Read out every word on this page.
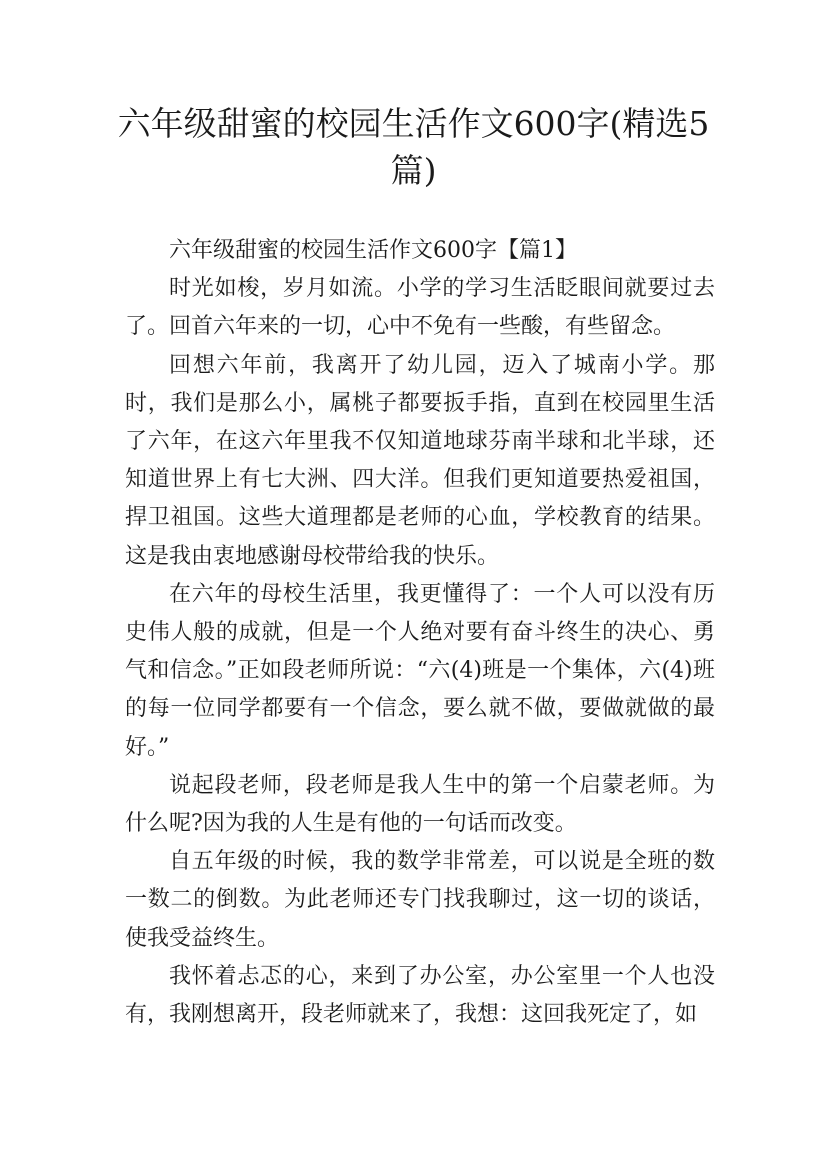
六年级甜蜜的校园生活作文600字(精选5篇)

六年级甜蜜的校园生活作文600字【篇1】

时光如梭，岁月如流。小学的学习生活眨眼间就要过去了。回首六年来的一切，心中不免有一些酸，有些留念。

回想六年前，我离开了幼儿园，迈入了城南小学。那时，我们是那么小，属桃子都要扳手指，直到在校园里生活了六年，在这六年里我不仅知道地球芬南半球和北半球，还知道世界上有七大洲、四大洋。但我们更知道要热爱祖国，捍卫祖国。这些大道理都是老师的心血，学校教育的结果。这是我由衷地感谢母校带给我的快乐。

在六年的母校生活里，我更懂得了：一个人可以没有历史伟人般的成就，但是一个人绝对要有奋斗终生的决心、勇气和信念。”正如段老师所说：“六(4)班是一个集体，六(4)班的每一位同学都要有一个信念，要么就不做，要做就做的最好。”

说起段老师，段老师是我人生中的第一个启蒙老师。为什么呢?因为我的人生是有他的一句话而改变。

自五年级的时候，我的数学非常差，可以说是全班的数一数二的倒数。为此老师还专门找我聊过，这一切的谈话，使我受益终生。

我怀着忐忑的心，来到了办公室，办公室里一个人也没有，我刚想离开，段老师就来了，我想：这回我死定了，如
